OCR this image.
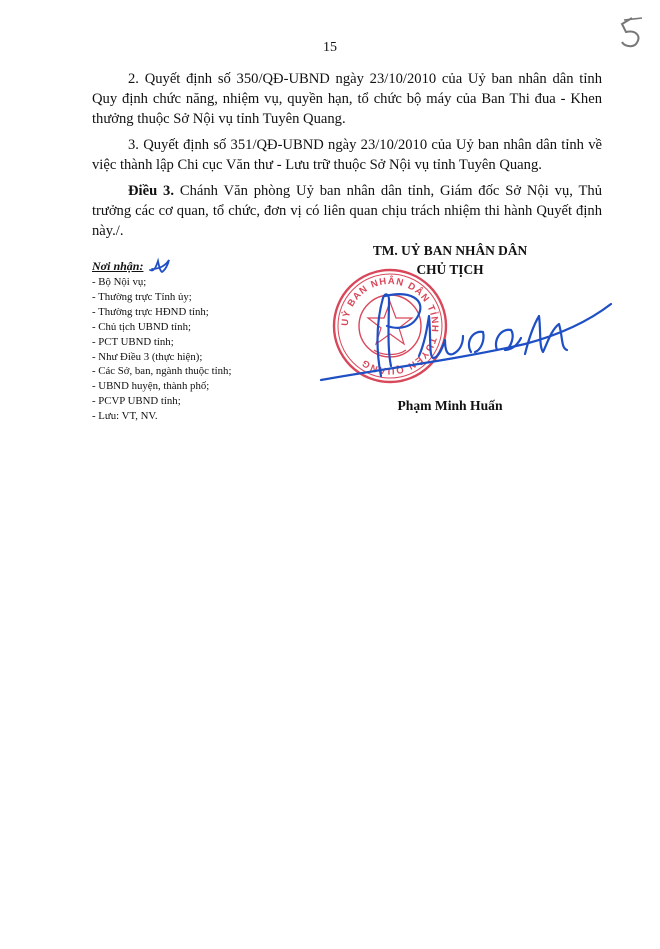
15

2. Quyết định số 350/QĐ-UBND ngày 23/10/2010 của Uỷ ban nhân dân tỉnh Quy định chức năng, nhiệm vụ, quyền hạn, tổ chức bộ máy của Ban Thi đua - Khen thưởng thuộc Sở Nội vụ tỉnh Tuyên Quang.

3. Quyết định số 351/QĐ-UBND ngày 23/10/2010 của Uỷ ban nhân dân tỉnh về việc thành lập Chi cục Văn thư - Lưu trữ thuộc Sở Nội vụ tỉnh Tuyên Quang.

Điều 3. Chánh Văn phòng Uỷ ban nhân dân tỉnh, Giám đốc Sở Nội vụ, Thủ trưởng các cơ quan, tổ chức, đơn vị có liên quan chịu trách nhiệm thi hành Quyết định này./.

Nơi nhận:
- Bộ Nội vụ;
- Thường trực Tỉnh ủy;
- Thường trực HĐND tỉnh;
- Chủ tịch UBND tỉnh;
- PCT UBND tỉnh;
- Như Điều 3 (thực hiện);
- Các Sở, ban, ngành thuộc tỉnh;
- UBND huyện, thành phố;
- PCVP UBND tỉnh;
- Lưu: VT, NV.
TM. UỶ BAN NHÂN DÂN
CHỦ TỊCH
UỶ BAN NHÂN DÂN TỈNH TUYÊN QUANG
Phạm Minh Huấn
